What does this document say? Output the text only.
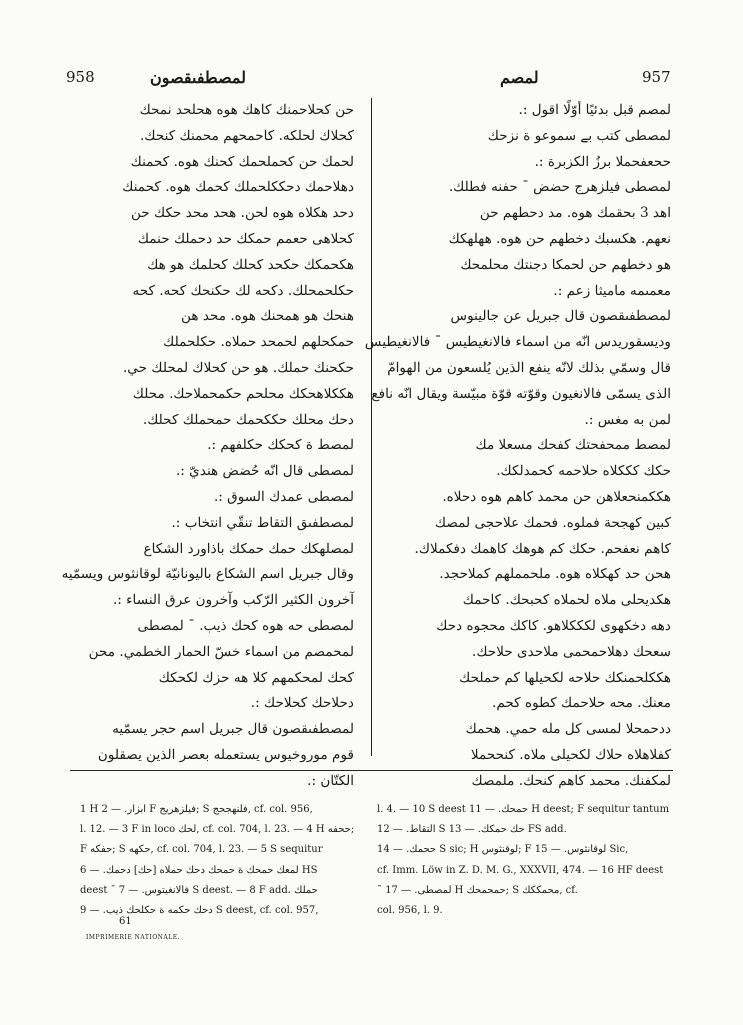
958	لمصطفىقصون	لمصم	957
حن كحلاحمنك كاهك هوه هحلحد نمحك
كحلاك لحلكه. كاحمحهم محمنك كنحك.
لحمك حن كحملحمك كحنك هوه. كحمنك
دهلاحمك دحككلحملك كحمك هوه. كحمنك
دحد هكلاه هوه لحن. هحد محد حكك حن
كحلاهى حعمم حمكك حد دحملك حنمك
هكحمكك حكحد كحلك كحلمك هو هك
حكلحمحلك. دكحه لك حكنحك كحه. كحه
هنحك هو همحنك هوه. محد هن
حمكحلهم لحمحد حملاه. حكلحملك
حكحنك حملك. هو حن كحلاك لمحلك حي.
هككلاهحكك محلحم حكمحملاحك. محلك
دحك محلك حككحمك حمحملك كحلك.
لمصط ة كحكك حكلفهم :.
لمصطى قال انّه حُضض هنديّ :.
لمصطى عمدك السوق :.
لمصطفىق التقاط تنقّي انتخاب :.
لمصلهكك حمك حمكك باذاورد الشكاع
وقال جبريل اسم الشكاع باليونانيّة لوقانثوس ويسمّيه
آخرون الكثير الرّكب وآخرون عرق النساء :.
لمصطى حه هوه كحك ذيب. ¯ لمصطى
لمحمصم من اسماء خسّ الحمار الخطمي. محن
كحك لمحكمهم كلا هه حزك لكحكك
دحلاحك كحلاحك :.
لمصطفىقصون قال جبريل اسم حجر يسمّيه
قوم موروخيوس يستعمله بعصر الذين يصقلون
الكتّان :.
لمصم قبل بدئيًا أوّلًا اقول :.
لمصطى كتب بے سموعو ة نزحك
ححعفحملا برزُ الكزبرة :.
لمصطى فيلزهرج حضض ¯ حفنه فطلك.
اهد 3 بحقمك هوه. مد دحطهم حن
نعهم. هكسبك دخطهم حن هوه. ههلهكك
هو دخطهم حن لحمكا دجنتك محلمحك
معمىمه ماميثا زعم :.
لمصطفىقصون قال جبريل عن جالينوس
وديسقوريدس انّه من اسماء فالانغيطيس ¯ فالانغيطيس
قال وسمّي بذلك لانّه ينفع الذين يُلسعون من الهوامّ
الذى يسمّى فالانغيون وقوّته قوّة مبيّسة ويقال انّه نافع
لمن به مغس :.
لمصط ممحفحتك كفحك مسعلا مك
حكك كككلاه حلاحمه كحمدلكك.
هككمنحعلاهن حن محمد كاهم هوه دحلاه.
كبين كهجحة فملوه. فحمك علاحجى لمصك
كاهم نعفحم. حكك كم هوهك كاهمك دفكملاك.
هحن حد كهكلاه هوه. ملحمملهم كملاحجد.
هكديحلى ملاه لحملاه كحبحك. كاحمك
دهه دخكهوى لكككلاهو. كاكك محجوه دحك
سعحك دهلاحمحمى ملاحدى حلاحك.
هككلحمنكك حلاحه لكحيلها كم حملحك
معنك. محه حلاحمك كطوه كحم.
ددحمحلا لمسى كل مله حمي. هحمك
كفلاهلاه حلاك لكحيلى ملاه. كنححملا
لمكفنك. محمد كاهم كنحك. ملمصك
1 H ابزار. — 2 F فيلزهريج; S فلنهجحج, cf. col. 956,
l. 12. — 3 F in loco لحك, cf. col. 704, l. 23. — 4 H ححفه;
F حفكه; S حكهه, cf. col. 704, l. 23. — 5 S sequitur
لمعك حمحك ة حمحك دحك حملاه [حك] دحمك. — 6 HS
deest ¯ فالانغيتوس. — 7 S deest. — 8 F add. حملك
دحك حكمه ة حكلحك ذيب. — 9 S deest, cf. col. 957,
l. 4. — 10 S deest حمحك. — 11 H deest; F sequitur tantum
التقاط. — 12 S حك حمكك. — 13 FS add.
ححمك. — 14 S sic; H لوقنثوس; F لوقانثوس. — 15 Sic,
cf. Imm. Löw in Z. D. M. G., XXXVII, 474. — 16 HF deest
¯ لمصطى. — 17 H حمحمحك; S محمككك, cf.
col. 956, l. 9.
61
IMPRIMERIE NATIONALE.
